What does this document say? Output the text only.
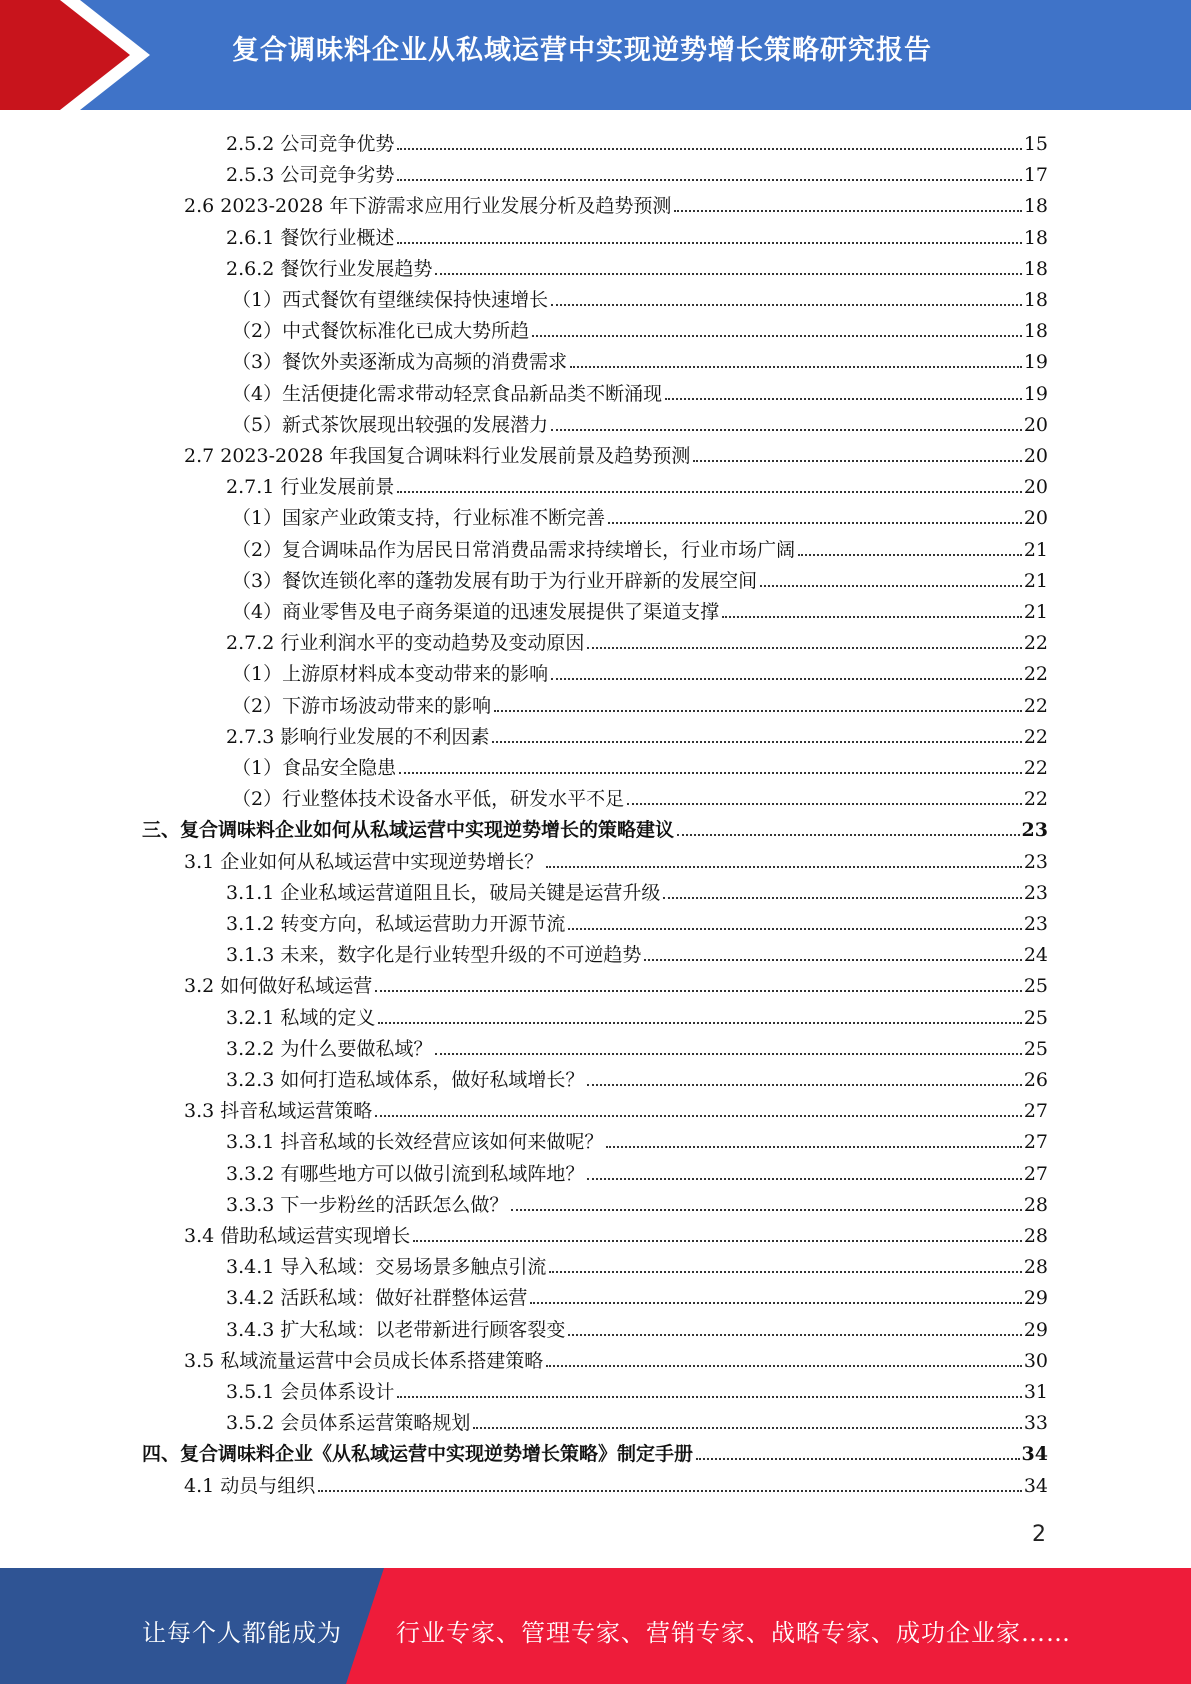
复合调味料企业从私域运营中实现逆势增长策略研究报告
2.5.2 公司竞争优势	15
2.5.3 公司竞争劣势	17
2.6 2023-2028 年下游需求应用行业发展分析及趋势预测	18
2.6.1 餐饮行业概述	18
2.6.2 餐饮行业发展趋势	18
（1）西式餐饮有望继续保持快速增长	18
（2）中式餐饮标准化已成大势所趋	18
（3）餐饮外卖逐渐成为高频的消费需求	19
（4）生活便捷化需求带动轻烹食品新品类不断涌现	19
（5）新式茶饮展现出较强的发展潜力	20
2.7 2023-2028 年我国复合调味料行业发展前景及趋势预测	20
2.7.1 行业发展前景	20
（1）国家产业政策支持，行业标准不断完善	20
（2）复合调味品作为居民日常消费品需求持续增长，行业市场广阔	21
（3）餐饮连锁化率的蓬勃发展有助于为行业开辟新的发展空间	21
（4）商业零售及电子商务渠道的迅速发展提供了渠道支撑	21
2.7.2 行业利润水平的变动趋势及变动原因	22
（1）上游原材料成本变动带来的影响	22
（2）下游市场波动带来的影响	22
2.7.3 影响行业发展的不利因素	22
（1）食品安全隐患	22
（2）行业整体技术设备水平低，研发水平不足	22
三、复合调味料企业如何从私域运营中实现逆势增长的策略建议	23
3.1 企业如何从私域运营中实现逆势增长？	23
3.1.1 企业私域运营道阻且长，破局关键是运营升级	23
3.1.2 转变方向，私域运营助力开源节流	23
3.1.3 未来，数字化是行业转型升级的不可逆趋势	24
3.2 如何做好私域运营	25
3.2.1 私域的定义	25
3.2.2 为什么要做私域？	25
3.2.3 如何打造私域体系，做好私域增长？	26
3.3 抖音私域运营策略	27
3.3.1 抖音私域的长效经营应该如何来做呢？	27
3.3.2 有哪些地方可以做引流到私域阵地？	27
3.3.3 下一步粉丝的活跃怎么做？	28
3.4 借助私域运营实现增长	28
3.4.1 导入私域：交易场景多触点引流	28
3.4.2 活跃私域：做好社群整体运营	29
3.4.3 扩大私域：以老带新进行顾客裂变	29
3.5 私域流量运营中会员成长体系搭建策略	30
3.5.1 会员体系设计	31
3.5.2 会员体系运营策略规划	33
四、复合调味料企业《从私域运营中实现逆势增长策略》制定手册	34
4.1 动员与组织	34
2
让每个人都能成为 行业专家、管理专家、营销专家、战略专家、成功企业家……
